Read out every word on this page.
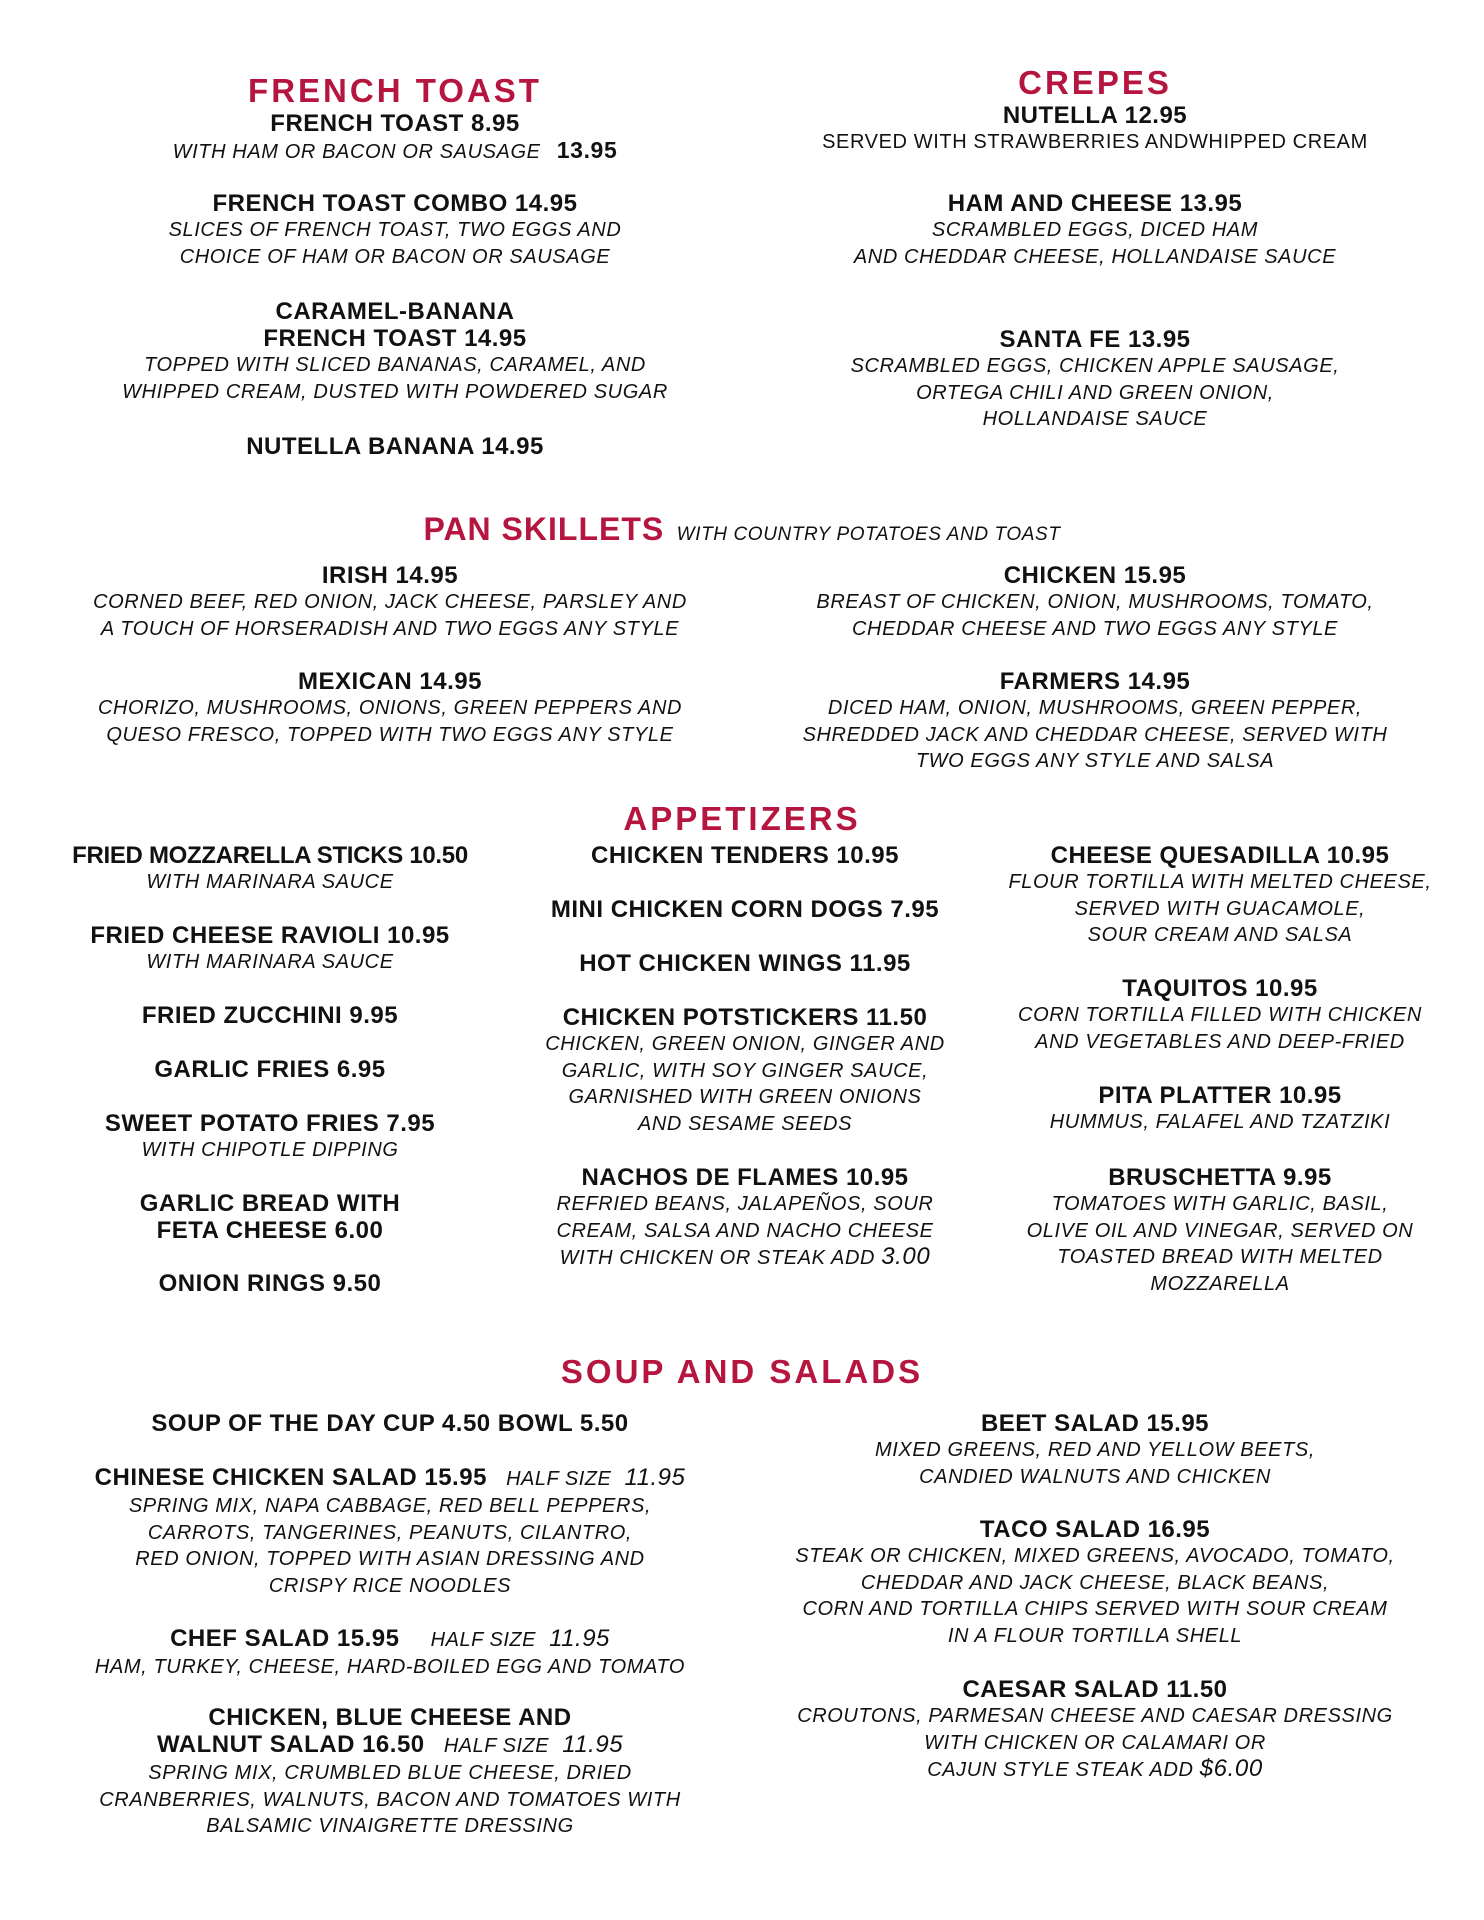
FRENCH TOAST
FRENCH TOAST 8.95
WITH HAM OR BACON OR SAUSAGE 13.95
FRENCH TOAST COMBO 14.95
SLICES OF FRENCH TOAST, TWO EGGS AND
CHOICE OF HAM OR BACON OR SAUSAGE
CARAMEL-BANANA
FRENCH TOAST 14.95
TOPPED WITH SLICED BANANAS, CARAMEL, AND
WHIPPED CREAM, DUSTED WITH POWDERED SUGAR
NUTELLA BANANA 14.95
CREPES
NUTELLA 12.95
SERVED WITH STRAWBERRIES ANDWHIPPED CREAM
HAM AND CHEESE 13.95
SCRAMBLED EGGS, DICED HAM
AND CHEDDAR CHEESE, HOLLANDAISE SAUCE
SANTA FE 13.95
SCRAMBLED EGGS, CHICKEN APPLE SAUSAGE,
ORTEGA CHILI AND GREEN ONION,
HOLLANDAISE SAUCE
PAN SKILLETS WITH COUNTRY POTATOES AND TOAST
IRISH 14.95
CORNED BEEF, RED ONION, JACK CHEESE, PARSLEY AND
A TOUCH OF HORSERADISH AND TWO EGGS ANY STYLE
CHICKEN 15.95
BREAST OF CHICKEN, ONION, MUSHROOMS, TOMATO,
CHEDDAR CHEESE AND TWO EGGS ANY STYLE
MEXICAN 14.95
CHORIZO, MUSHROOMS, ONIONS, GREEN PEPPERS AND
QUESO FRESCO, TOPPED WITH TWO EGGS ANY STYLE
FARMERS 14.95
DICED HAM, ONION, MUSHROOMS, GREEN PEPPER,
SHREDDED JACK AND CHEDDAR CHEESE, SERVED WITH
TWO EGGS ANY STYLE AND SALSA
APPETIZERS
FRIED MOZZARELLA STICKS 10.50
WITH MARINARA SAUCE
FRIED CHEESE RAVIOLI 10.95
WITH MARINARA SAUCE
FRIED ZUCCHINI 9.95
GARLIC FRIES 6.95
SWEET POTATO FRIES 7.95
WITH CHIPOTLE DIPPING
GARLIC BREAD WITH
FETA CHEESE 6.00
ONION RINGS 9.50
CHICKEN TENDERS 10.95
MINI CHICKEN CORN DOGS 7.95
HOT CHICKEN WINGS 11.95
CHICKEN POTSTICKERS 11.50
CHICKEN, GREEN ONION, GINGER AND
GARLIC, WITH SOY GINGER SAUCE,
GARNISHED WITH GREEN ONIONS
AND SESAME SEEDS
NACHOS DE FLAMES 10.95
REFRIED BEANS, JALAPEÑOS, SOUR
CREAM, SALSA AND NACHO CHEESE
WITH CHICKEN OR STEAK ADD 3.00
CHEESE QUESADILLA 10.95
FLOUR TORTILLA WITH MELTED CHEESE,
SERVED WITH GUACAMOLE,
SOUR CREAM AND SALSA
TAQUITOS 10.95
CORN TORTILLA FILLED WITH CHICKEN
AND VEGETABLES AND DEEP-FRIED
PITA PLATTER 10.95
HUMMUS, FALAFEL AND TZATZIKI
BRUSCHETTA 9.95
TOMATOES WITH GARLIC, BASIL,
OLIVE OIL AND VINEGAR, SERVED ON
TOASTED BREAD WITH MELTED
MOZZARELLA
SOUP AND SALADS
SOUP OF THE DAY CUP 4.50 BOWL 5.50
CHINESE CHICKEN SALAD 15.95 HALF SIZE 11.95
SPRING MIX, NAPA CABBAGE, RED BELL PEPPERS,
CARROTS, TANGERINES, PEANUTS, CILANTRO,
RED ONION, TOPPED WITH ASIAN DRESSING AND
CRISPY RICE NOODLES
CHEF SALAD 15.95 HALF SIZE 11.95
HAM, TURKEY, CHEESE, HARD-BOILED EGG AND TOMATO
CHICKEN, BLUE CHEESE AND
WALNUT SALAD 16.50 HALF SIZE 11.95
SPRING MIX, CRUMBLED BLUE CHEESE, DRIED
CRANBERRIES, WALNUTS, BACON AND TOMATOES WITH
BALSAMIC VINAIGRETTE DRESSING
BEET SALAD 15.95
MIXED GREENS, RED AND YELLOW BEETS,
CANDIED WALNUTS AND CHICKEN
TACO SALAD 16.95
STEAK OR CHICKEN, MIXED GREENS, AVOCADO, TOMATO,
CHEDDAR AND JACK CHEESE, BLACK BEANS,
CORN AND TORTILLA CHIPS SERVED WITH SOUR CREAM
IN A FLOUR TORTILLA SHELL
CAESAR SALAD 11.50
CROUTONS, PARMESAN CHEESE AND CAESAR DRESSING
WITH CHICKEN OR CALAMARI OR
CAJUN STYLE STEAK ADD $6.00
